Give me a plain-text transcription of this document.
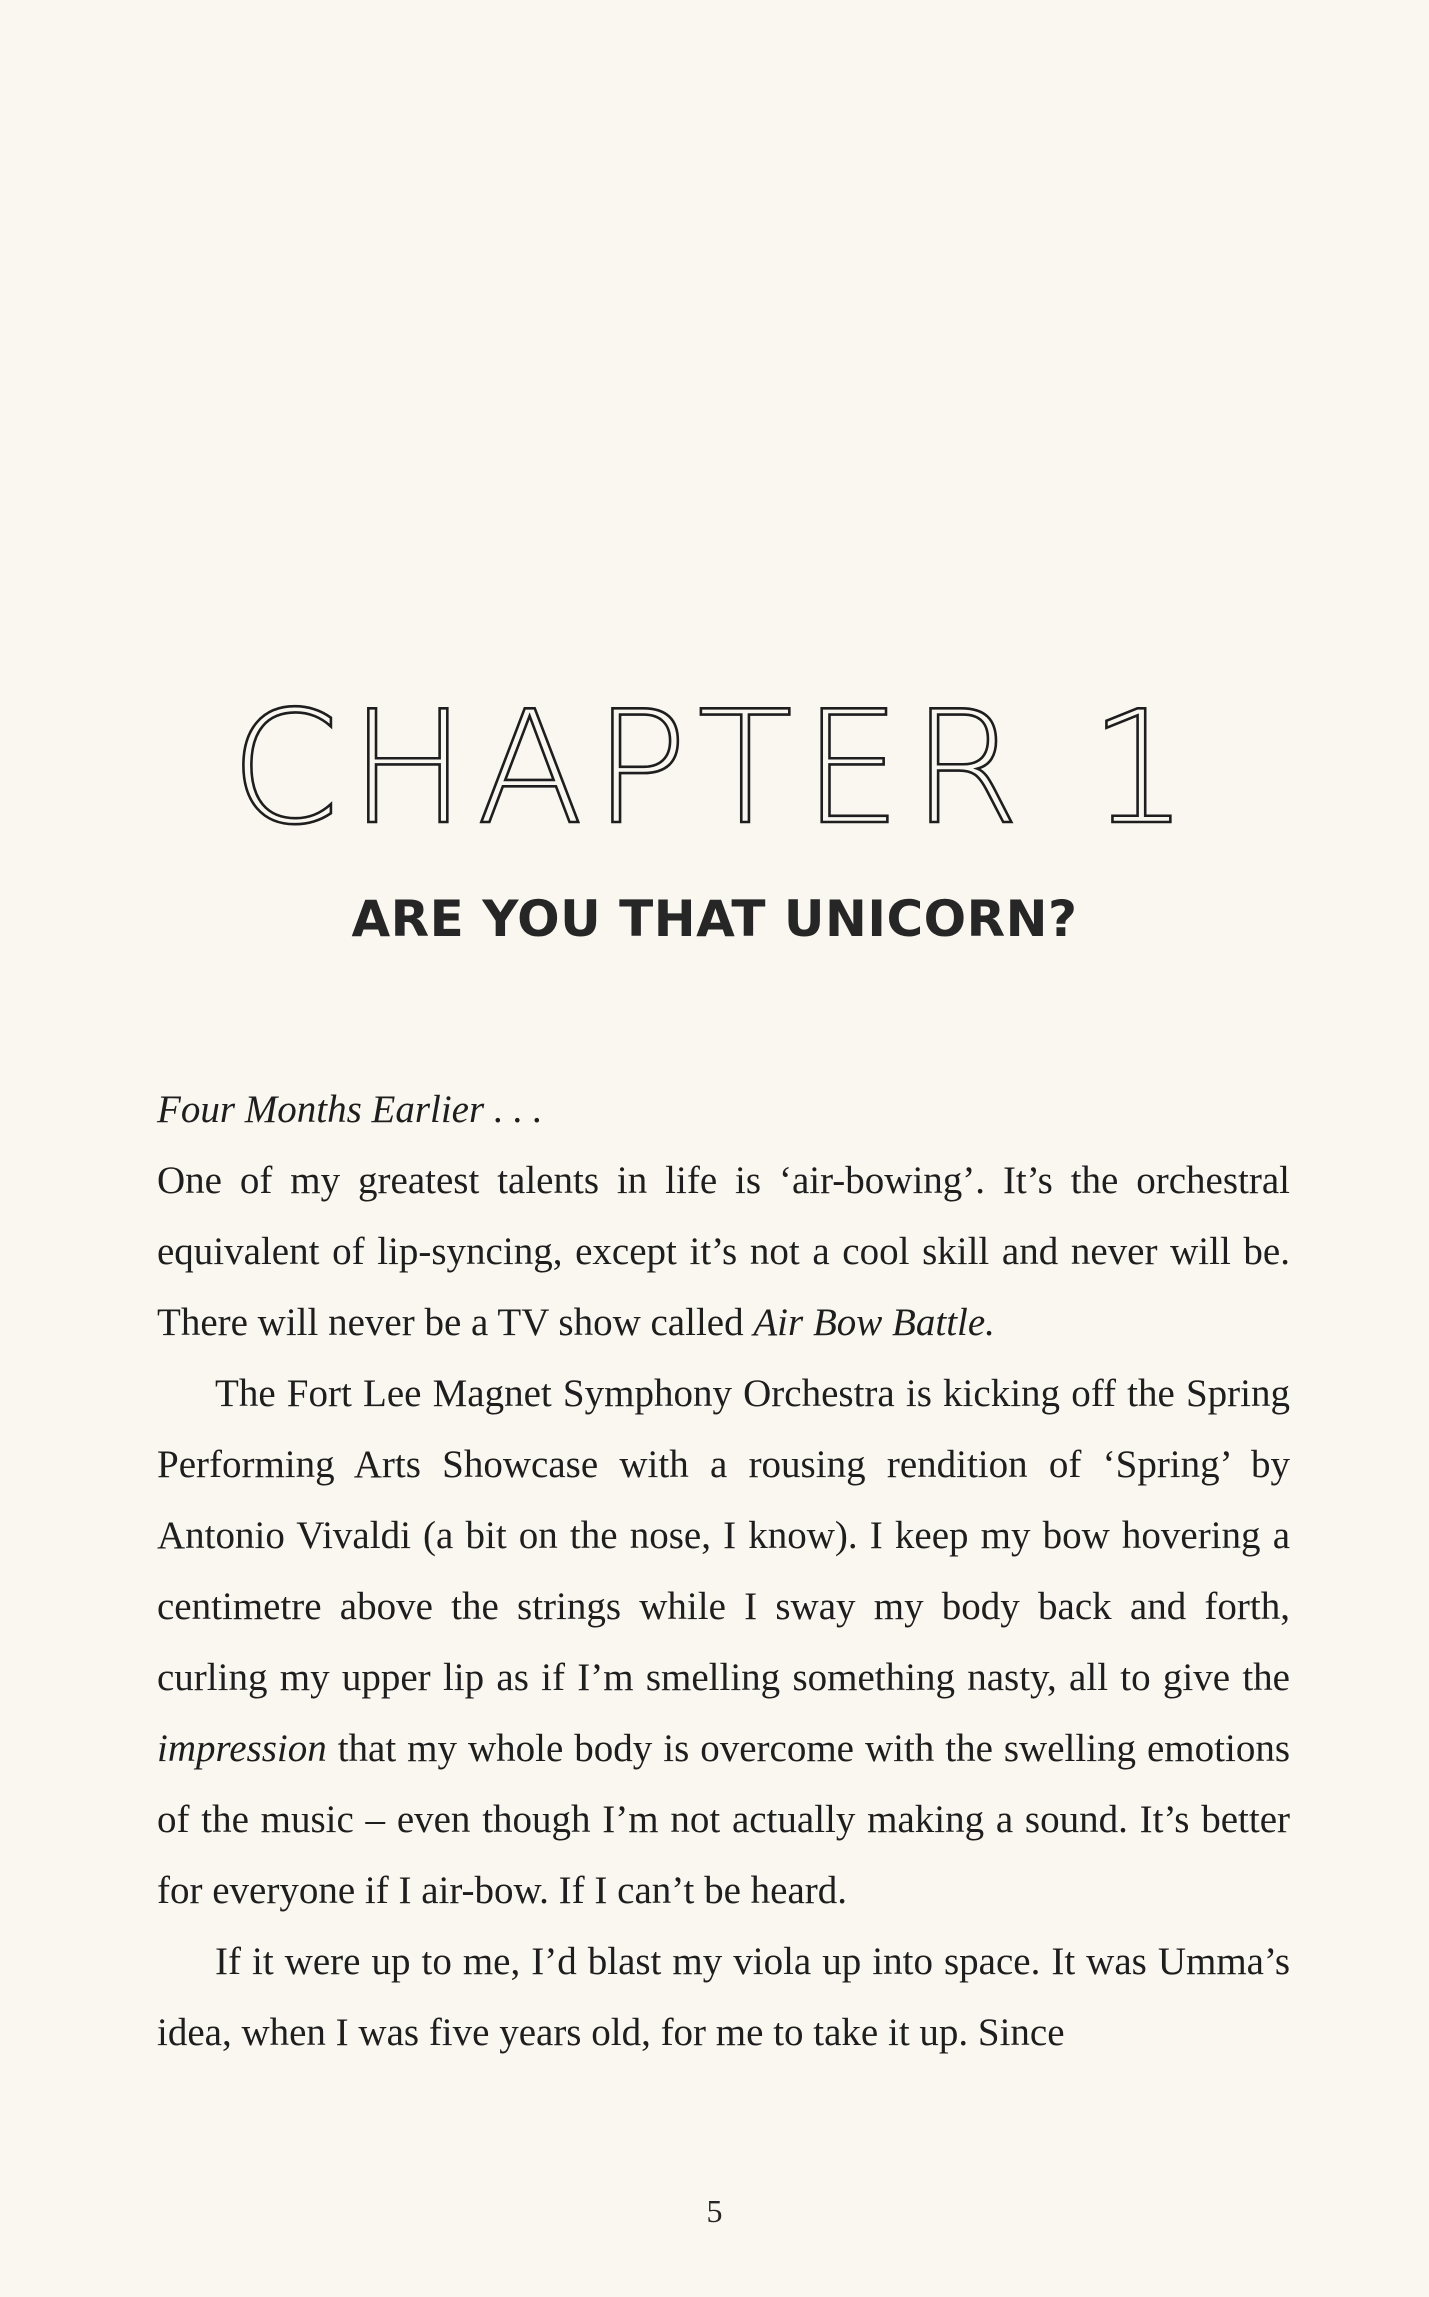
CHAPTER 1
ARE YOU THAT UNICORN?

Four Months Earlier . . .

One of my greatest talents in life is ‘air-bowing’. It’s the orchestral equivalent of lip-syncing, except it’s not a cool skill and never will be. There will never be a TV show called Air Bow Battle.

The Fort Lee Magnet Symphony Orchestra is kicking off the Spring Performing Arts Showcase with a rousing rendition of ‘Spring’ by Antonio Vivaldi (a bit on the nose, I know). I keep my bow hovering a centimetre above the strings while I sway my body back and forth, curling my upper lip as if I’m smelling something nasty, all to give the impression that my whole body is overcome with the swelling emotions of the music – even though I’m not actually making a sound. It’s better for everyone if I air-bow. If I can’t be heard.

If it were up to me, I’d blast my viola up into space. It was Umma’s idea, when I was five years old, for me to take it up. Since

5
